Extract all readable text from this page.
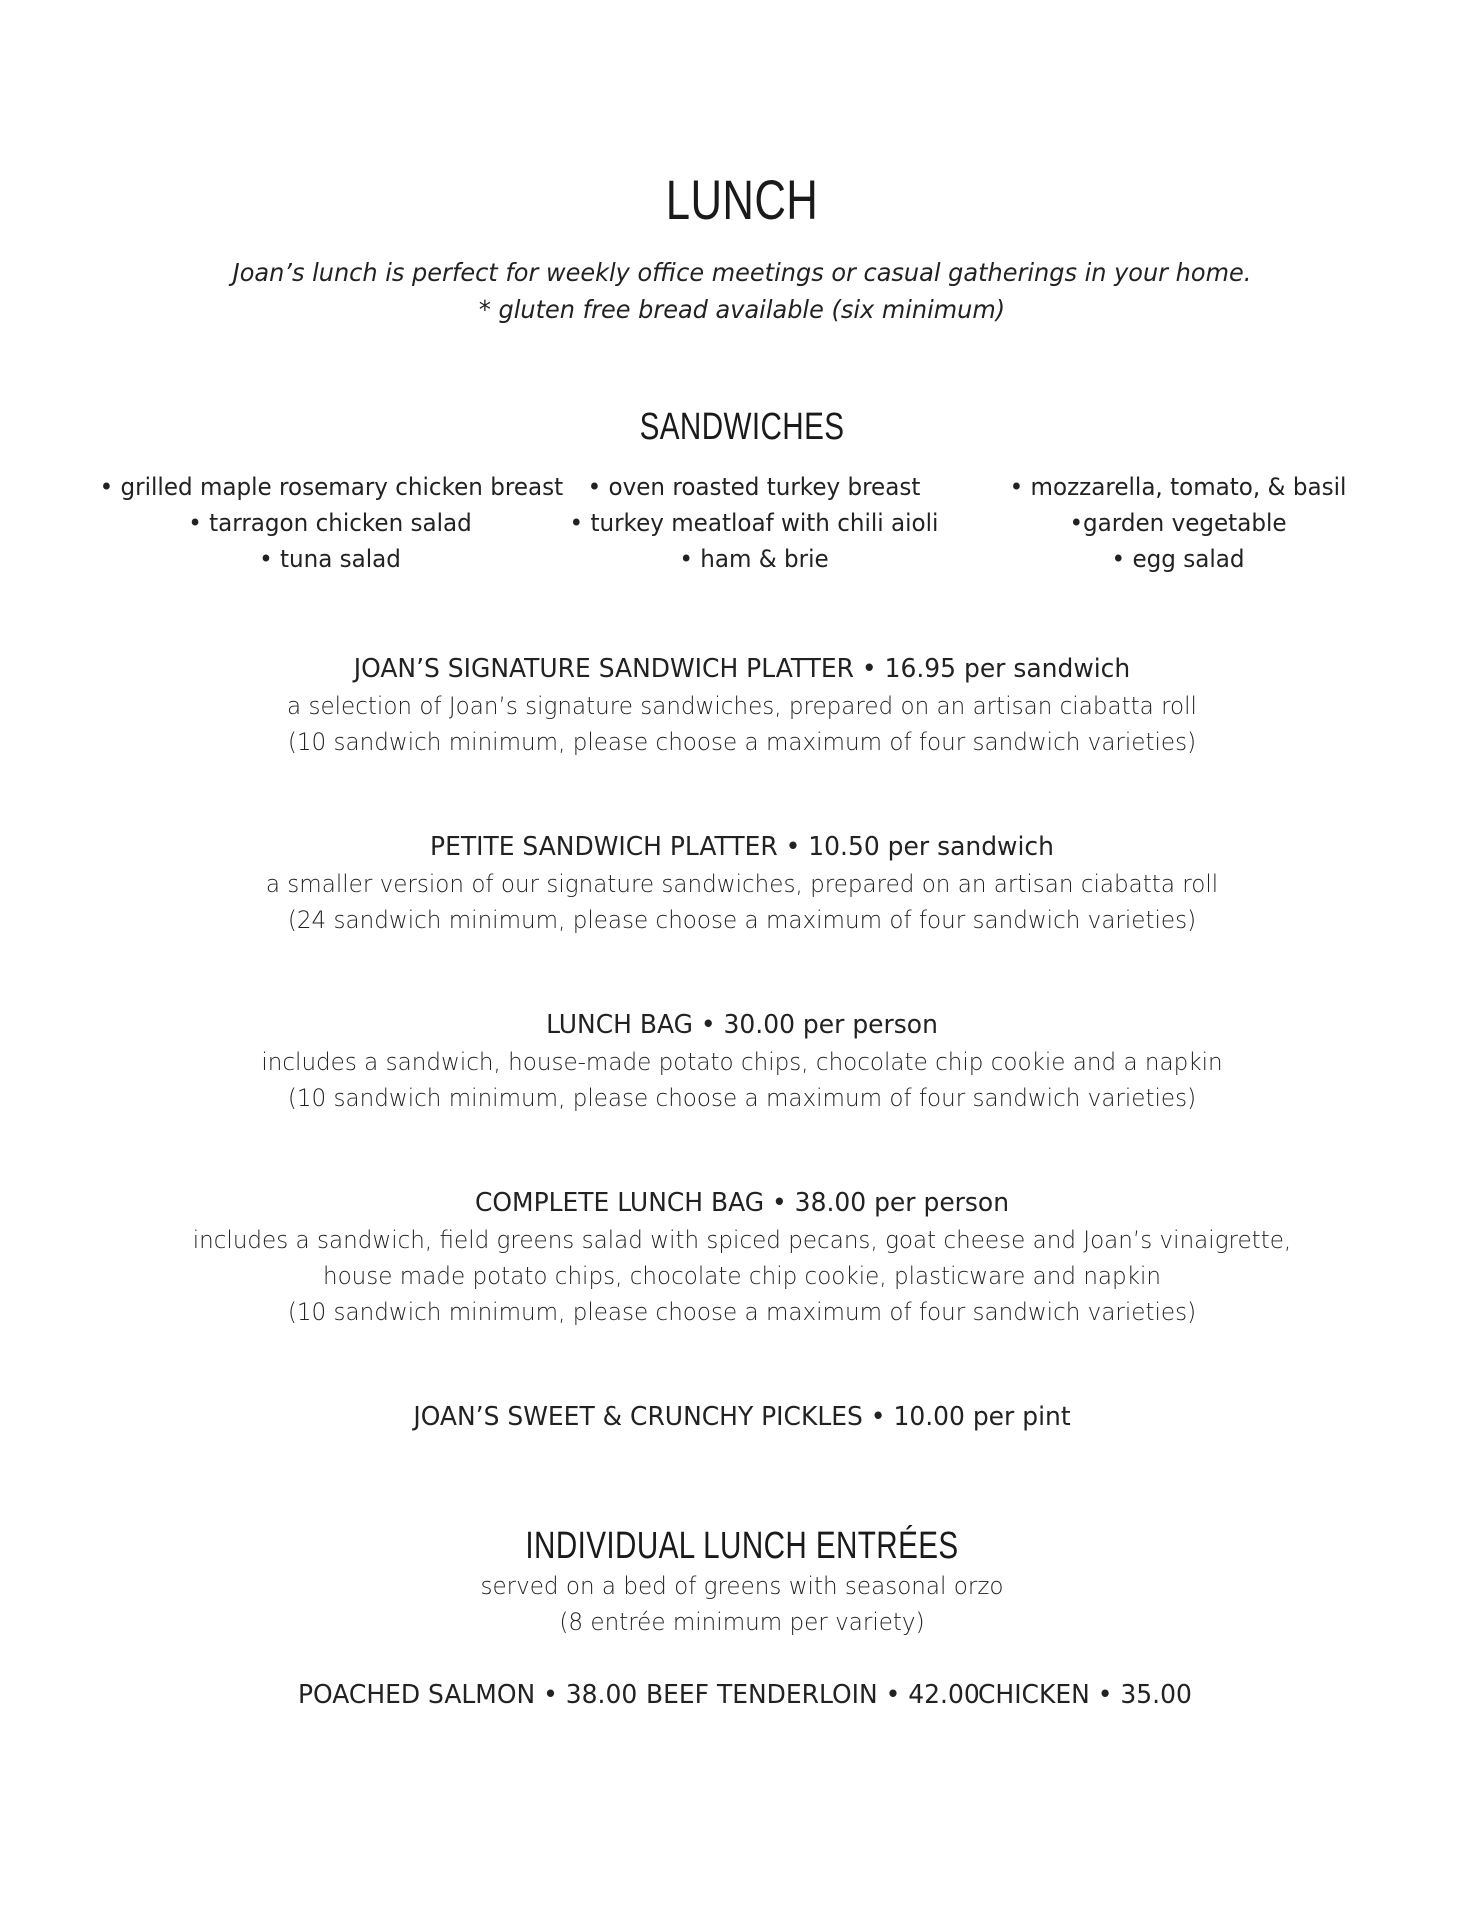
LUNCH
Joan’s lunch is perfect for weekly office meetings or casual gatherings in your home.
* gluten free bread available (six minimum)
SANDWICHES
• grilled maple rosemary chicken breast
• tarragon chicken salad
• tuna salad
• oven roasted turkey breast
• turkey meatloaf with chili aioli
• ham & brie
• mozzarella, tomato, & basil
•garden vegetable
• egg salad
JOAN’S SIGNATURE SANDWICH PLATTER • 16.95 per sandwich
a selection of Joan’s signature sandwiches, prepared on an artisan ciabatta roll
(10 sandwich minimum, please choose a maximum of four sandwich varieties)
PETITE SANDWICH PLATTER • 10.50 per sandwich
a smaller version of our signature sandwiches, prepared on an artisan ciabatta roll
(24 sandwich minimum, please choose a maximum of four sandwich varieties)
LUNCH BAG • 30.00 per person
includes a sandwich, house-made potato chips, chocolate chip cookie and a napkin
(10 sandwich minimum, please choose a maximum of four sandwich varieties)
COMPLETE LUNCH BAG • 38.00 per person
includes a sandwich, field greens salad with spiced pecans, goat cheese and Joan’s vinaigrette,
house made potato chips, chocolate chip cookie, plasticware and napkin
(10 sandwich minimum, please choose a maximum of four sandwich varieties)
JOAN’S SWEET & CRUNCHY PICKLES • 10.00 per pint
INDIVIDUAL LUNCH ENTRÉES
served on a bed of greens with seasonal orzo
(8 entrée minimum per variety)
POACHED SALMON • 38.00 BEEF TENDERLOIN • 42.00
CHICKEN • 35.00
